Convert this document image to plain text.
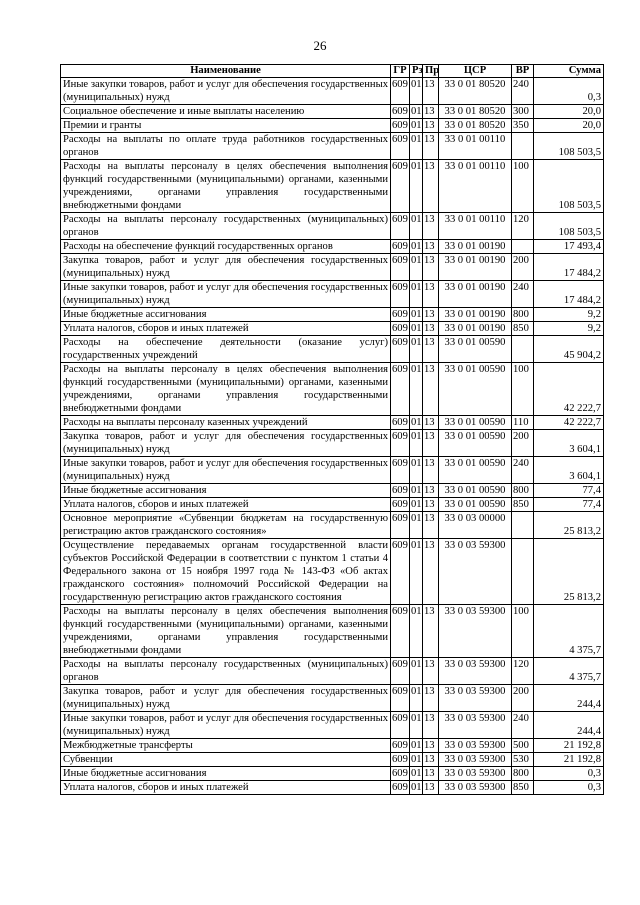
26
Наименование	ГР	Рз	Пр	ЦСР	ВР	Сумма
Иные закупки товаров, работ и услуг для обеспечения государственных (муниципальных) нужд	609	01	13	33 0 01 80520	240	0,3
Социальное обеспечение и иные выплаты населению	609	01	13	33 0 01 80520	300	20,0
Премии и гранты	609	01	13	33 0 01 80520	350	20,0
Расходы на выплаты по оплате труда работников государственных органов	609	01	13	33 0 01 00110		108 503,5
Расходы на выплаты персоналу в целях обеспечения выполнения функций государственными (муниципальными) органами, казенными учреждениями, органами управления государственными внебюджетными фондами	609	01	13	33 0 01 00110	100	108 503,5
Расходы на выплаты персоналу государственных (муниципальных) органов	609	01	13	33 0 01 00110	120	108 503,5
Расходы на обеспечение функций государственных органов	609	01	13	33 0 01 00190		17 493,4
Закупка товаров, работ и услуг для обеспечения государственных (муниципальных) нужд	609	01	13	33 0 01 00190	200	17 484,2
Иные закупки товаров, работ и услуг для обеспечения государственных (муниципальных) нужд	609	01	13	33 0 01 00190	240	17 484,2
Иные бюджетные ассигнования	609	01	13	33 0 01 00190	800	9,2
Уплата налогов, сборов и иных платежей	609	01	13	33 0 01 00190	850	9,2
Расходы на обеспечение деятельности (оказание услуг) государственных учреждений	609	01	13	33 0 01 00590		45 904,2
Расходы на выплаты персоналу в целях обеспечения выполнения функций государственными (муниципальными) органами, казенными учреждениями, органами управления государственными внебюджетными фондами	609	01	13	33 0 01 00590	100	42 222,7
Расходы на выплаты персоналу казенных учреждений	609	01	13	33 0 01 00590	110	42 222,7
Закупка товаров, работ и услуг для обеспечения государственных (муниципальных) нужд	609	01	13	33 0 01 00590	200	3 604,1
Иные закупки товаров, работ и услуг для обеспечения государственных (муниципальных) нужд	609	01	13	33 0 01 00590	240	3 604,1
Иные бюджетные ассигнования	609	01	13	33 0 01 00590	800	77,4
Уплата налогов, сборов и иных платежей	609	01	13	33 0 01 00590	850	77,4
Основное мероприятие «Субвенции бюджетам на государственную регистрацию актов гражданского состояния»	609	01	13	33 0 03 00000		25 813,2
Осуществление передаваемых органам государственной власти субъектов Российской Федерации в соответствии с пунктом 1 статьи 4 Федерального закона от 15 ноября 1997 года № 143-ФЗ «Об актах гражданского состояния» полномочий Российской Федерации на государственную регистрацию актов гражданского состояния	609	01	13	33 0 03 59300		25 813,2
Расходы на выплаты персоналу в целях обеспечения выполнения функций государственными (муниципальными) органами, казенными учреждениями, органами управления государственными внебюджетными фондами	609	01	13	33 0 03 59300	100	4 375,7
Расходы на выплаты персоналу государственных (муниципальных) органов	609	01	13	33 0 03 59300	120	4 375,7
Закупка товаров, работ и услуг для обеспечения государственных (муниципальных) нужд	609	01	13	33 0 03 59300	200	244,4
Иные закупки товаров, работ и услуг для обеспечения государственных (муниципальных) нужд	609	01	13	33 0 03 59300	240	244,4
Межбюджетные трансферты	609	01	13	33 0 03 59300	500	21 192,8
Субвенции	609	01	13	33 0 03 59300	530	21 192,8
Иные бюджетные ассигнования	609	01	13	33 0 03 59300	800	0,3
Уплата налогов, сборов и иных платежей	609	01	13	33 0 03 59300	850	0,3
